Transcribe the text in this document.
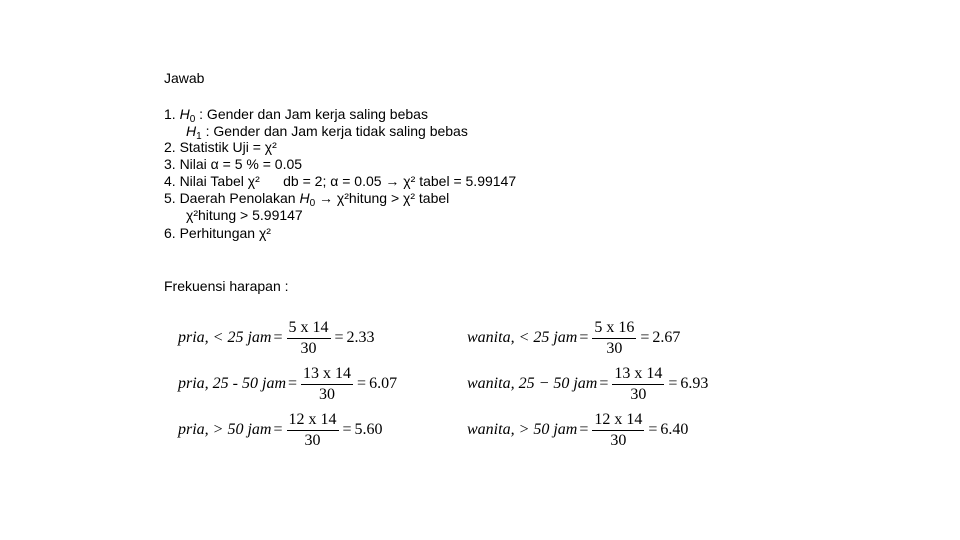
Jawab
1. $H_0$ : Gender dan Jam kerja saling bebas
$H_1$ : Gender dan Jam kerja tidak saling bebas
2. Statistik Uji = χ²
3. Nilai α = 5 % = 0.05
4. Nilai Tabel χ²      db = 2; α = 0.05 → χ² tabel = 5.99147
5. Daerah Penolakan $H_0$ → χ²hitung > χ² tabel
χ²hitung > 5.99147
6. Perhitungan χ²
Frekuensi harapan :
pria, < 25 jam = $\frac{5 x 14}{30} = 2.33$	wanita, < 25 jam = $\frac{5 x 16}{30} = 2.67$
pria, 25 - 50 jam = $\frac{13 x 14}{30} = 6.07$	wanita, 25 − 50 jam = $\frac{13 x 14}{30} = 6.93$
pria, > 50 jam = $\frac{12 x 14}{30} = 5.60$	wanita, > 50 jam = $\frac{12 x 14}{30} = 6.40$
